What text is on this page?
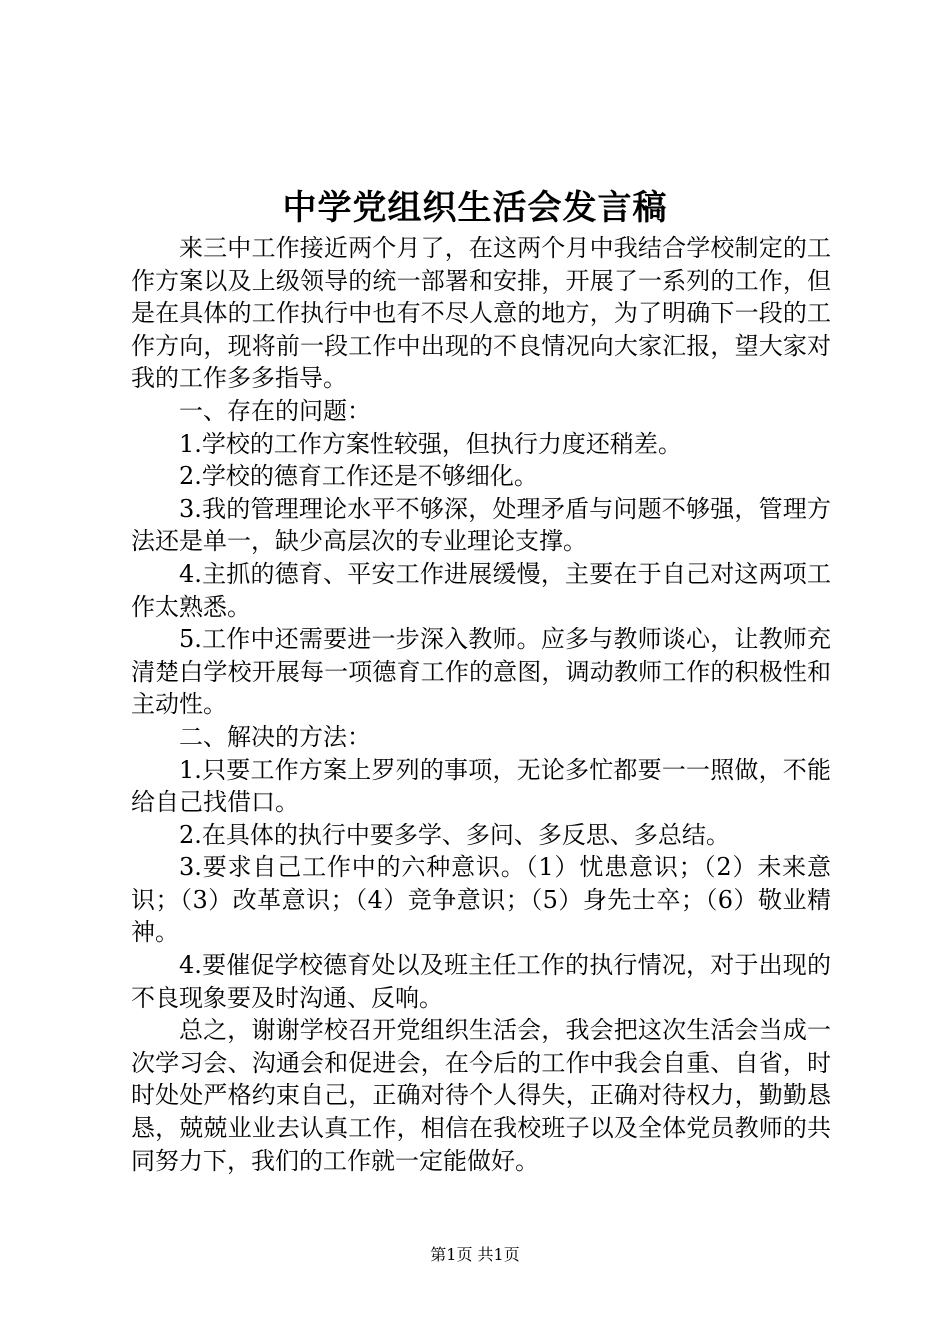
中学党组织生活会发言稿

来三中工作接近两个月了，在这两个月中我结合学校制定的工作方案以及上级领导的统一部署和安排，开展了一系列的工作，但是在具体的工作执行中也有不尽人意的地方，为了明确下一段的工作方向，现将前一段工作中出现的不良情况向大家汇报，望大家对我的工作多多指导。

一、存在的问题：

1.学校的工作方案性较强，但执行力度还稍差。

2.学校的德育工作还是不够细化。

3.我的管理理论水平不够深，处理矛盾与问题不够强，管理方法还是单一，缺少高层次的专业理论支撑。

4.主抓的德育、平安工作进展缓慢，主要在于自己对这两项工作太熟悉。

5.工作中还需要进一步深入教师。应多与教师谈心，让教师充清楚白学校开展每一项德育工作的意图，调动教师工作的积极性和主动性。

二、解决的方法：

1.只要工作方案上罗列的事项，无论多忙都要一一照做，不能给自己找借口。

2.在具体的执行中要多学、多问、多反思、多总结。

3.要求自己工作中的六种意识。（1）忧患意识；（2）未来意识；（3）改革意识；（4）竞争意识；（5）身先士卒；（6）敬业精神。

4.要催促学校德育处以及班主任工作的执行情况，对于出现的不良现象要及时沟通、反响。

总之，谢谢学校召开党组织生活会，我会把这次生活会当成一次学习会、沟通会和促进会，在今后的工作中我会自重、自省，时时处处严格约束自己，正确对待个人得失，正确对待权力，勤勤恳恳，兢兢业业去认真工作，相信在我校班子以及全体党员教师的共同努力下，我们的工作就一定能做好。

第1页 共1页
